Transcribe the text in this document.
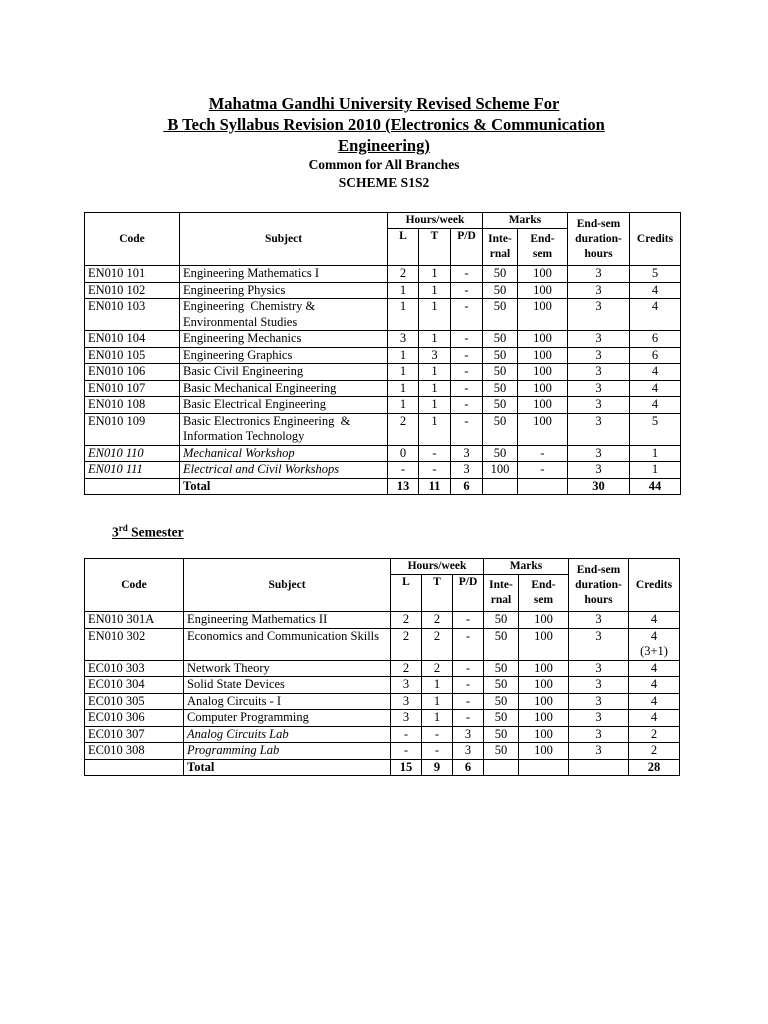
Mahatma Gandhi University Revised Scheme For
B Tech Syllabus Revision 2010 (Electronics & Communication
Engineering)
Common for All Branches
SCHEME S1S2
Code	Subject	Hours/week			Marks		End-sem duration-hours	Credits
		L	T	P/D	Inte-rnal	End-sem		
EN010 101	Engineering Mathematics I	2	1	-	50	100	3	5
EN010 102	Engineering Physics	1	1	-	50	100	3	4
EN010 103	Engineering  Chemistry & Environmental Studies	1	1	-	50	100	3	4
EN010 104	Engineering Mechanics	3	1	-	50	100	3	6
EN010 105	Engineering Graphics	1	3	-	50	100	3	6
EN010 106	Basic Civil Engineering	1	1	-	50	100	3	4
EN010 107	Basic Mechanical Engineering	1	1	-	50	100	3	4
EN010 108	Basic Electrical Engineering	1	1	-	50	100	3	4
EN010 109	Basic Electronics Engineering  & Information Technology	2	1	-	50	100	3	5
EN010 110	Mechanical Workshop	0	-	3	50	-	3	1
EN010 111	Electrical and Civil Workshops	-	-	3	100	-	3	1
	Total	13	11	6			30	44
3rd Semester
Code	Subject	Hours/week			Marks		End-sem duration-hours	Credits
		L	T	P/D	Inte-rnal	End-sem		
EN010 301A	Engineering Mathematics II	2	2	-	50	100	3	4
EN010 302	Economics and Communication Skills	2	2	-	50	100	3	4
(3+1)

EC010 303	Network Theory	2	2	-	50	100	3	4
EC010 304	Solid State Devices	3	1	-	50	100	3	4
EC010 305	Analog Circuits - I	3	1	-	50	100	3	4
EC010 306	Computer Programming	3	1	-	50	100	3	4
EC010 307	Analog Circuits Lab	-	-	3	50	100	3	2
EC010 308	Programming Lab	-	-	3	50	100	3	2
	Total	15	9	6				28
